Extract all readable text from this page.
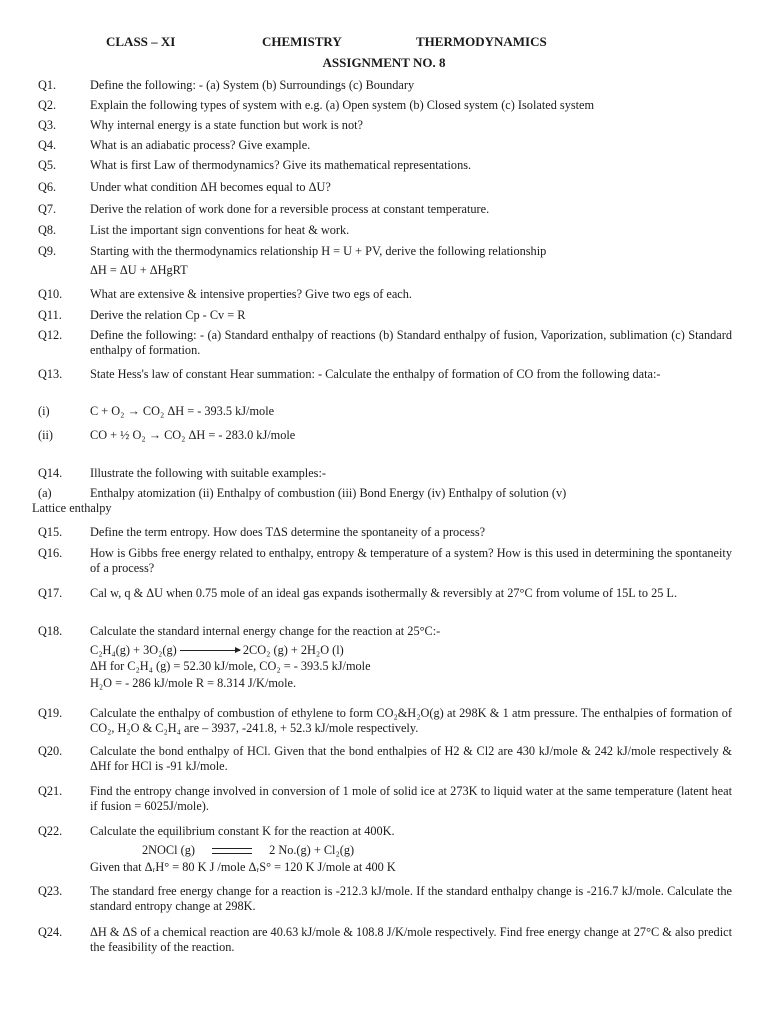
CLASS – XI	CHEMISTRY	THERMODYNAMICS
ASSIGNMENT NO. 8
Q1.	Define the following: - (a) System (b) Surroundings (c) Boundary
Q2.	Explain the following types of system with e.g. (a) Open system (b) Closed system (c) Isolated system
Q3.	Why internal energy is a state function but work is not?
Q4.	What is an adiabatic process? Give example.
Q5.	What is first Law of thermodynamics? Give its mathematical representations.
Q6.	Under what condition ΔH becomes equal to ΔU?
Q7.	Derive the relation of work done for a reversible process at constant temperature.
Q8.	List the important sign conventions for heat & work.
Q9.	Starting with the thermodynamics relationship H = U + PV, derive the following relationship
ΔH = ΔU + ΔHgRT
Q10. What are extensive & intensive properties? Give two egs of each.
Q11. Derive the relation Cp - Cv = R
Q12. Define the following: - (a) Standard enthalpy of reactions (b) Standard enthalpy of fusion, Vaporization, sublimation (c) Standard enthalpy of formation.
Q13. State Hess's law of constant Hear summation: - Calculate the enthalpy of formation of CO from the following data:-
(i)	C + O₂ → CO₂ ΔH = - 393.5 kJ/mole
(ii)	CO + ½ O₂ → CO₂ ΔH = - 283.0 kJ/mole
Q14. Illustrate the following with suitable examples:-
(a)	Enthalpy atomization (ii) Enthalpy of combustion (iii) Bond Energy (iv) Enthalpy of solution (v)
Lattice enthalpy
Q15. Define the term entropy. How does TΔS determine the spontaneity of a process?
Q16. How is Gibbs free energy related to enthalpy, entropy & temperature of a system? How is this used in determining the spontaneity of a process?
Q17. Cal w, q & ΔU when 0.75 mole of an ideal gas expands isothermally & reversibly at 27°C from volume of 15L to 25 L.
Q18. Calculate the standard internal energy change for the reaction at 25°C:-
C₂H₄(g) + 3O₂(g)	2CO₂ (g) + 2H₂O (l)
ΔH for C₂H₄ (g) = 52.30 kJ/mole, CO₂ = - 393.5 kJ/mole
H₂O = - 286 kJ/mole R = 8.314 J/K/mole.
Q19. Calculate the enthalpy of combustion of ethylene to form CO₂&H₂O(g) at 298K & 1 atm pressure. The enthalpies of formation of CO₂, H₂O & C₂H₄ are – 3937, -241.8, + 52.3 kJ/mole respectively.
Q20. Calculate the bond enthalpy of HCl. Given that the bond enthalpies of H2 & Cl2 are 430 kJ/mole & 242 kJ/mole respectively & ΔHf for HCl is -91 kJ/mole.
Q21. Find the entropy change involved in conversion of 1 mole of solid ice at 273K to liquid water at the same temperature (latent heat if fusion = 6025J/mole).
Q22. Calculate the equilibrium constant K for the reaction at 400K.
2NOCl (g)	2 No.(g) + Cl₂(g)
Given that ΔᵣH° = 80 K J /mole ΔᵣS° = 120 K J/mole at 400 K
Q23. The standard free energy change for a reaction is -212.3 kJ/mole. If the standard enthalpy change is -216.7 kJ/mole. Calculate the standard entropy change at 298K.
Q24. ΔH & ΔS of a chemical reaction are 40.63 kJ/mole & 108.8 J/K/mole respectively. Find free energy change at 27°C & also predict the feasibility of the reaction.
